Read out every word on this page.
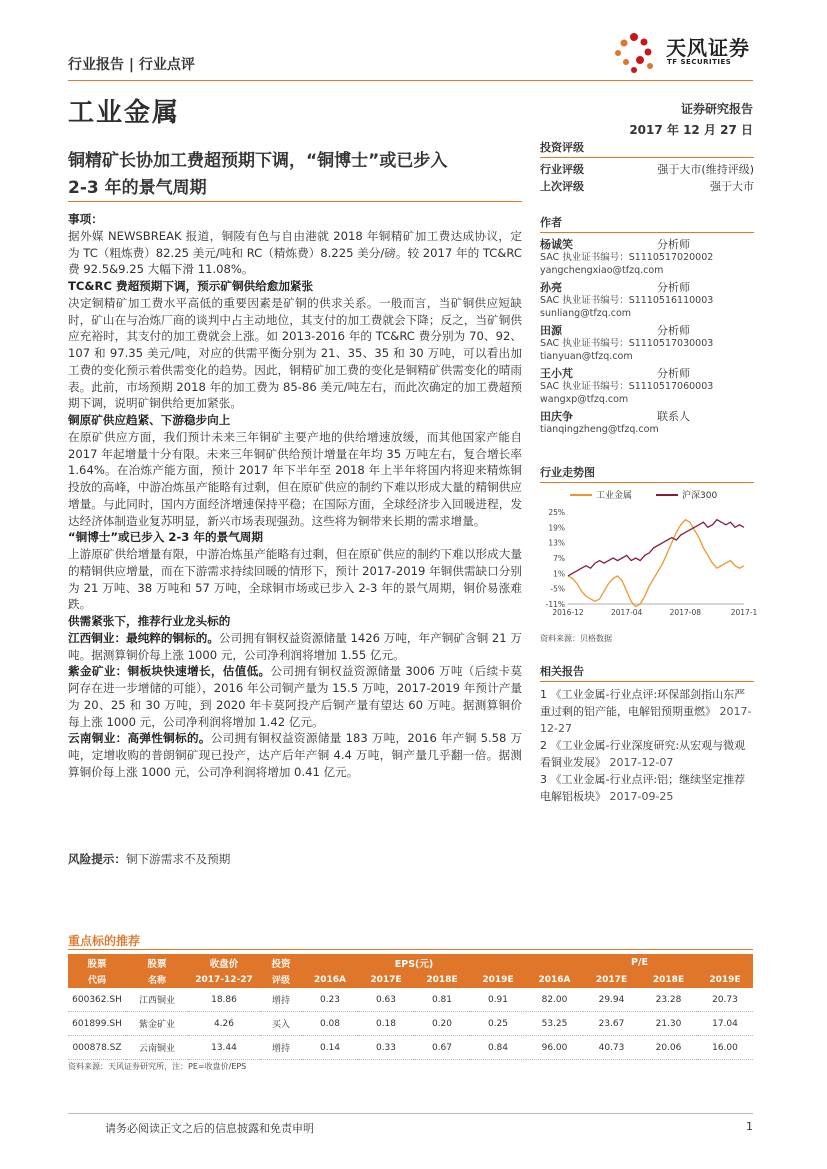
行业报告 | 行业点评
天风证券
TF SECURITIES
工业金属	证券研究报告
2017 年 12 月 27 日
铜精矿长协加工费超预期下调，“铜博士”或已步入
2-3 年的景气周期

事项：

据外媒 NEWSBREAK 报道，铜陵有色与自由港就 2018 年铜精矿加工费达成协议，定为 TC（粗炼费）82.25 美元/吨和 RC（精炼费）8.225 美分/磅。较 2017 年的 TC&RC 费 92.5&9.25 大幅下滑 11.08%。

TC&RC 费超预期下调，预示矿铜供给愈加紧张

决定铜精矿加工费水平高低的重要因素是矿铜的供求关系。一般而言，当矿铜供应短缺时，矿山在与冶炼厂商的谈判中占主动地位，其支付的加工费就会下降；反之，当矿铜供应充裕时，其支付的加工费就会上涨。如 2013-2016 年的 TC&RC 费分别为 70、92、107 和 97.35 美元/吨，对应的供需平衡分别为 21、35、35 和 30 万吨，可以看出加工费的变化预示着供需变化的趋势。因此，铜精矿加工费的变化是铜精矿供需变化的晴雨表。此前，市场预期 2018 年的加工费为 85-86 美元/吨左右，而此次确定的加工费超预期下调，说明矿铜供给更加紧张。

铜原矿供应趋紧、下游稳步向上

在原矿供应方面，我们预计未来三年铜矿主要产地的供给增速放缓，而其他国家产能自 2017 年起增量十分有限。未来三年铜矿供给预计增量在年均 35 万吨左右，复合增长率 1.64%。在冶炼产能方面，预计 2017 年下半年至 2018 年上半年将国内将迎来精炼铜投放的高峰，中游冶炼虽产能略有过剩，但在原矿供应的制约下难以形成大量的精铜供应增量。与此同时，国内方面经济增速保持平稳；在国际方面，全球经济步入回暖进程，发达经济体制造业复苏明显，新兴市场表现强劲。这些将为铜带来长期的需求增量。

“铜博士”或已步入 2-3 年的景气周期

上游原矿供给增量有限，中游冶炼虽产能略有过剩，但在原矿供应的制约下难以形成大量的精铜供应增量，而在下游需求持续回暖的情形下，预计 2017-2019 年铜供需缺口分别为 21 万吨、38 万吨和 57 万吨，全球铜市场或已步入 2-3 年的景气周期，铜价易涨难跌。

供需紧张下，推荐行业龙头标的

江西铜业：最纯粹的铜标的。公司拥有铜权益资源储量 1426 万吨，年产铜矿含铜 21 万吨。据测算铜价每上涨 1000 元，公司净利润将增加 1.55 亿元。

紫金矿业：铜板块快速增长，估值低。公司拥有铜权益资源储量 3006 万吨（后续卡莫阿存在进一步增储的可能），2016 年公司铜产量为 15.5 万吨，2017-2019 年预计产量为 20、25 和 30 万吨，到 2020 年卡莫阿投产后铜产量有望达 60 万吨。据测算铜价每上涨 1000 元，公司净利润将增加 1.42 亿元。

云南铜业：高弹性铜标的。公司拥有铜权益资源储量 183 万吨，2016 年产铜 5.58 万吨，定增收购的普朗铜矿现已投产，达产后年产铜 4.4 万吨，铜产量几乎翻一倍。据测算铜价每上涨 1000 元，公司净利润将增加 0.41 亿元。

风险提示：铜下游需求不及预期
投资评级
行业评级	强于大市(维持评级)
上次评级	强于大市
作者
杨诚笑	分析师
SAC 执业证书编号：S1110517020002
yangchengxiao@tfzq.com
孙亮	分析师
SAC 执业证书编号：S1110516110003
sunliang@tfzq.com
田源	分析师
SAC 执业证书编号：S1110517030003
tianyuan@tfzq.com
王小芃	分析师
SAC 执业证书编号：S1110517060003
wangxp@tfzq.com
田庆争	联系人
tianqingzheng@tfzq.com
行业走势图
工业金属	沪深300
25%
19%
13%
7%
1%
-5%
-11%
2016-12	2017-04	2017-08	2017-1
资料来源：贝格数据
相关报告
1 《工业金属-行业点评:环保部剑指山东严重过剩的铝产能，电解铝预期重燃》 2017-12-27
2 《工业金属-行业深度研究:从宏观与微观看铜业发展》 2017-12-07
3 《工业金属-行业点评:铝；继续坚定推荐电解铝板块》 2017-09-25
重点标的推荐
股票	股票	收盘价	投资	EPS(元)				P/E			
代码	名称	2017-12-27	评级	2016A	2017E	2018E	2019E	2016A	2017E	2018E	2019E
600362.SH	江西铜业	18.86	增持	0.23	0.63	0.81	0.91	82.00	29.94	23.28	20.73
601899.SH	紫金矿业	4.26	买入	0.08	0.18	0.20	0.25	53.25	23.67	21.30	17.04
000878.SZ	云南铜业	13.44	增持	0.14	0.33	0.67	0.84	96.00	40.73	20.06	16.00
资料来源：天风证券研究所，注：PE=收盘价/EPS
请务必阅读正文之后的信息披露和免责申明	1
